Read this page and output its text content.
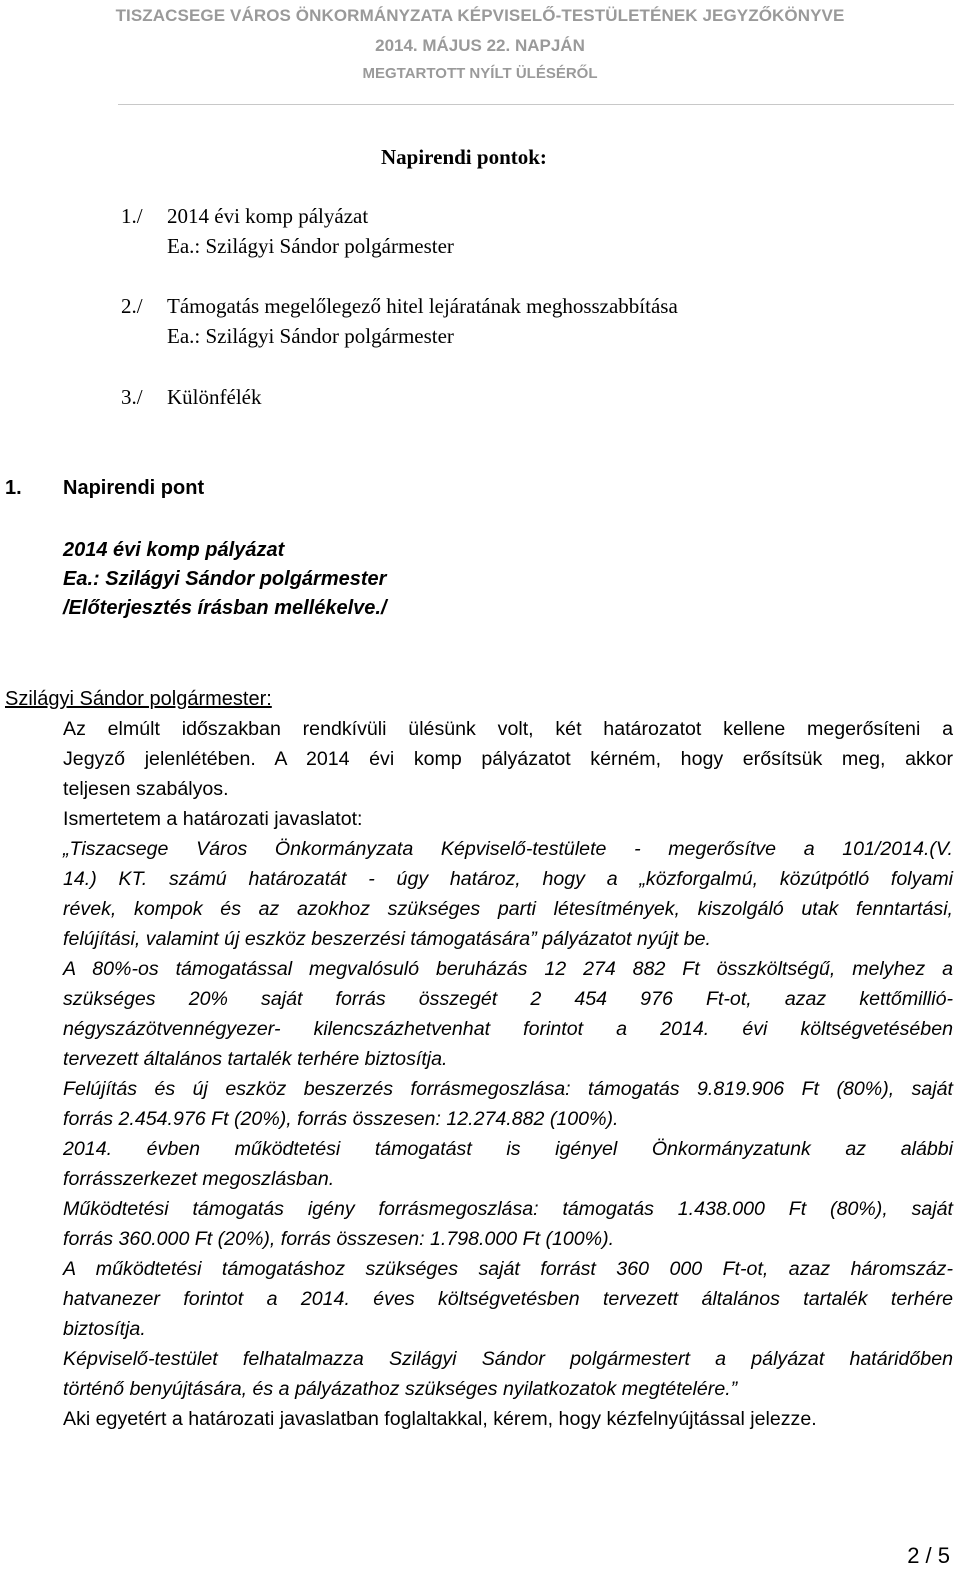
TISZACSEGE VÁROS ÖNKORMÁNYZATA KÉPVISELŐ-TESTÜLETÉNEK JEGYZŐKÖNYVE
2014. MÁJUS 22. NAPJÁN
MEGTARTOTT NYÍLT ÜLÉSÉRŐL
Napirendi pontok:
1./ 2014 évi komp pályázat
Ea.: Szilágyi Sándor polgármester
2./ Támogatás megelőlegező hitel lejáratának meghosszabbítása
Ea.: Szilágyi Sándor polgármester
3./ Különfélék
1. Napirendi pont
2014 évi komp pályázat
Ea.: Szilágyi Sándor polgármester
/Előterjesztés írásban mellékelve./
Szilágyi Sándor polgármester:
Az elmúlt időszakban rendkívüli ülésünk volt, két határozatot kellene megerősíteni a
Jegyző jelenlétében. A 2014 évi komp pályázatot kérném, hogy erősítsük meg, akkor
teljesen szabályos.
Ismertetem a határozati javaslatot:
„Tiszacsege Város Önkormányzata Képviselő-testülete - megerősítve a 101/2014.(V.
14.) KT. számú határozatát - úgy határoz, hogy a „közforgalmú, közútpótló folyami
révek, kompok és az azokhoz szükséges parti létesítmények, kiszolgáló utak fenntartási,
felújítási, valamint új eszköz beszerzési támogatására” pályázatot nyújt be.
A 80%-os támogatással megvalósuló beruházás 12 274 882 Ft összköltségű, melyhez a
szükséges 20% saját forrás összegét 2 454 976 Ft-ot, azaz kettőmillió-
négyszázötvennégyezer- kilencszázhetvenhat forintot a 2014. évi költségvetésében
tervezett általános tartalék terhére biztosítja.
Felújítás és új eszköz beszerzés forrásmegoszlása: támogatás 9.819.906 Ft (80%), saját
forrás 2.454.976 Ft (20%), forrás összesen: 12.274.882 (100%).
2014. évben működtetési támogatást is igényel Önkormányzatunk az alábbi
forrásszerkezet megoszlásban.
Működtetési támogatás igény forrásmegoszlása: támogatás 1.438.000 Ft (80%), saját
forrás 360.000 Ft (20%), forrás összesen: 1.798.000 Ft (100%).
A működtetési támogatáshoz szükséges saját forrást 360 000 Ft-ot, azaz háromszáz-
hatvanezer forintot a 2014. éves költségvetésben tervezett általános tartalék terhére
biztosítja.
Képviselő-testület felhatalmazza Szilágyi Sándor polgármestert a pályázat határidőben
történő benyújtására, és a pályázathoz szükséges nyilatkozatok megtételére.”
Aki egyetért a határozati javaslatban foglaltakkal, kérem, hogy kézfelnyújtással jelezze.
2 / 5
